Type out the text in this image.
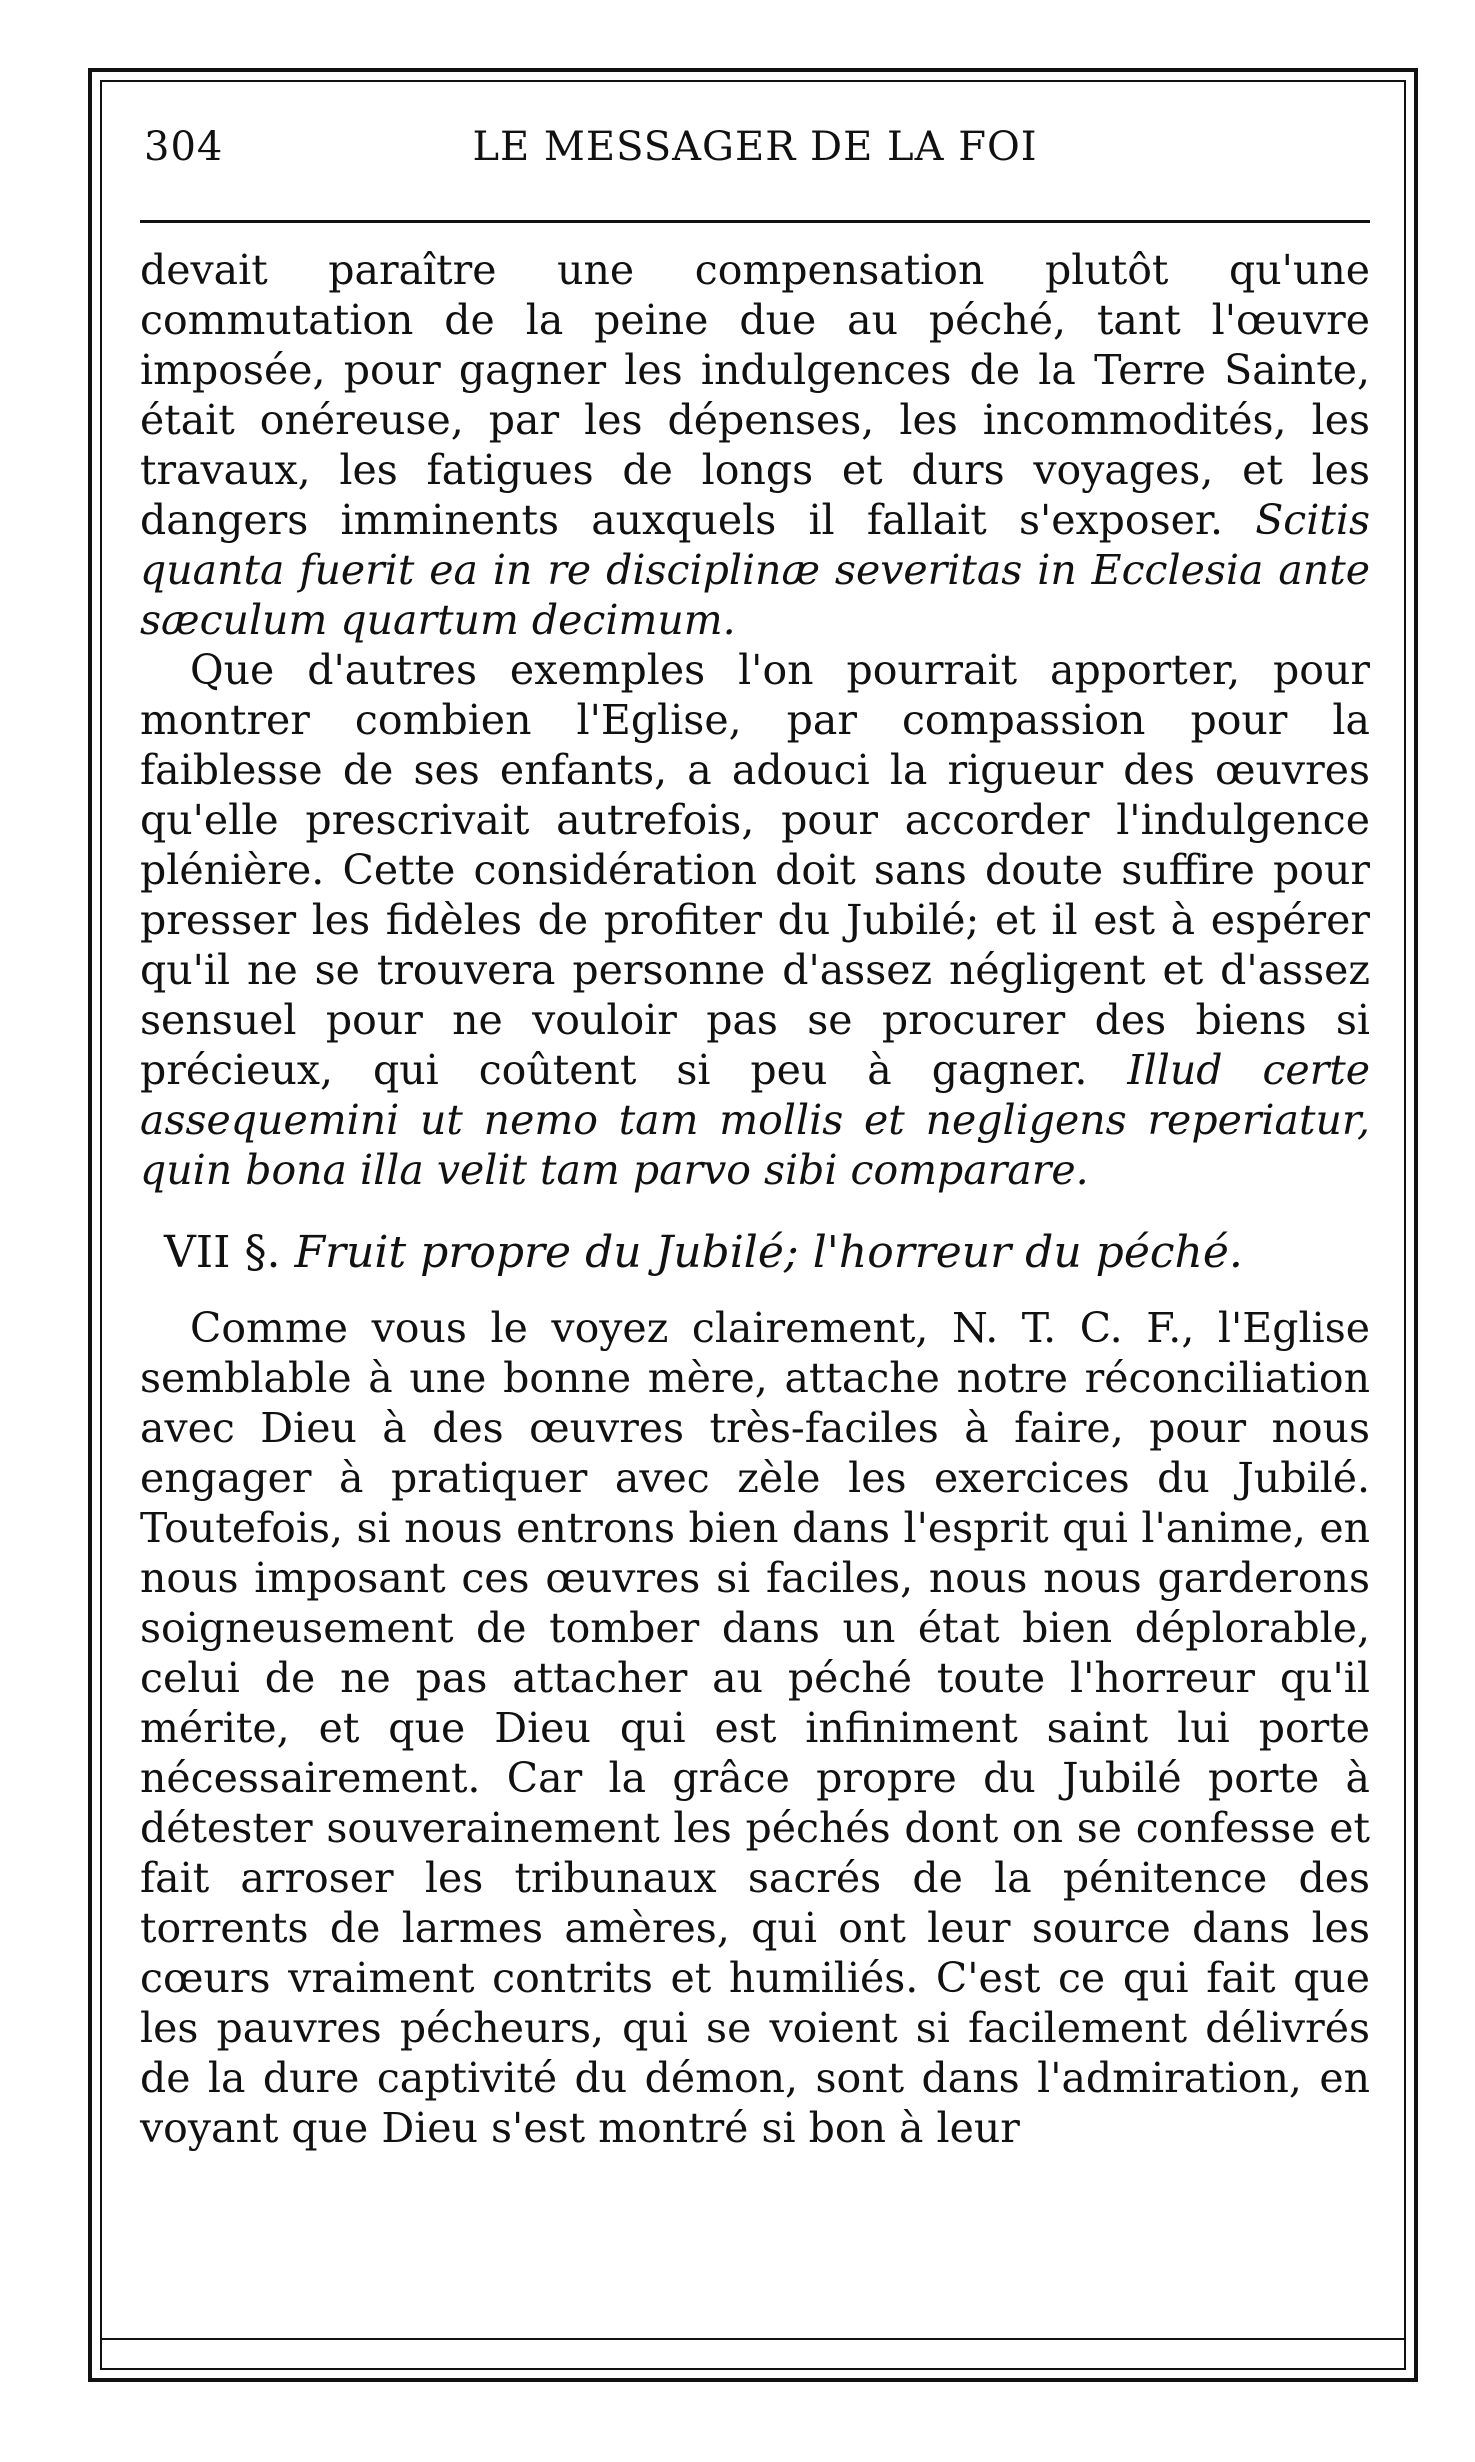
304	LE MESSAGER DE LA FOI

devait paraître une compensation plutôt qu'une commutation de la peine due au péché, tant l'œuvre imposée, pour gagner les indulgences de la Terre Sainte, était onéreuse, par les dépenses, les incommodités, les travaux, les fatigues de longs et durs voyages, et les dangers imminents auxquels il fallait s'exposer. Scitis quanta fuerit ea in re disciplinæ severitas in Ecclesia ante sæculum quartum decimum.

Que d'autres exemples l'on pourrait apporter, pour montrer combien l'Eglise, par compassion pour la faiblesse de ses enfants, a adouci la rigueur des œuvres qu'elle prescrivait autrefois, pour accorder l'indulgence plénière. Cette considération doit sans doute suffire pour presser les fidèles de profiter du Jubilé; et il est à espérer qu'il ne se trouvera personne d'assez négligent et d'assez sensuel pour ne vouloir pas se procurer des biens si précieux, qui coûtent si peu à gagner. Illud certe assequemini ut nemo tam mollis et negligens reperiatur, quin bona illa velit tam parvo sibi comparare.

VII §. Fruit propre du Jubilé; l'horreur du péché.

Comme vous le voyez clairement, N. T. C. F., l'Eglise semblable à une bonne mère, attache notre réconciliation avec Dieu à des œuvres très-faciles à faire, pour nous engager à pratiquer avec zèle les exercices du Jubilé. Toutefois, si nous entrons bien dans l'esprit qui l'anime, en nous imposant ces œuvres si faciles, nous nous garderons soigneusement de tomber dans un état bien déplorable, celui de ne pas attacher au péché toute l'horreur qu'il mérite, et que Dieu qui est infiniment saint lui porte nécessairement. Car la grâce propre du Jubilé porte à détester souverainement les péchés dont on se confesse et fait arroser les tribunaux sacrés de la pénitence des torrents de larmes amères, qui ont leur source dans les cœurs vraiment contrits et humiliés. C'est ce qui fait que les pauvres pécheurs, qui se voient si facilement délivrés de la dure captivité du démon, sont dans l'admiration, en voyant que Dieu s'est montré si bon à leur
